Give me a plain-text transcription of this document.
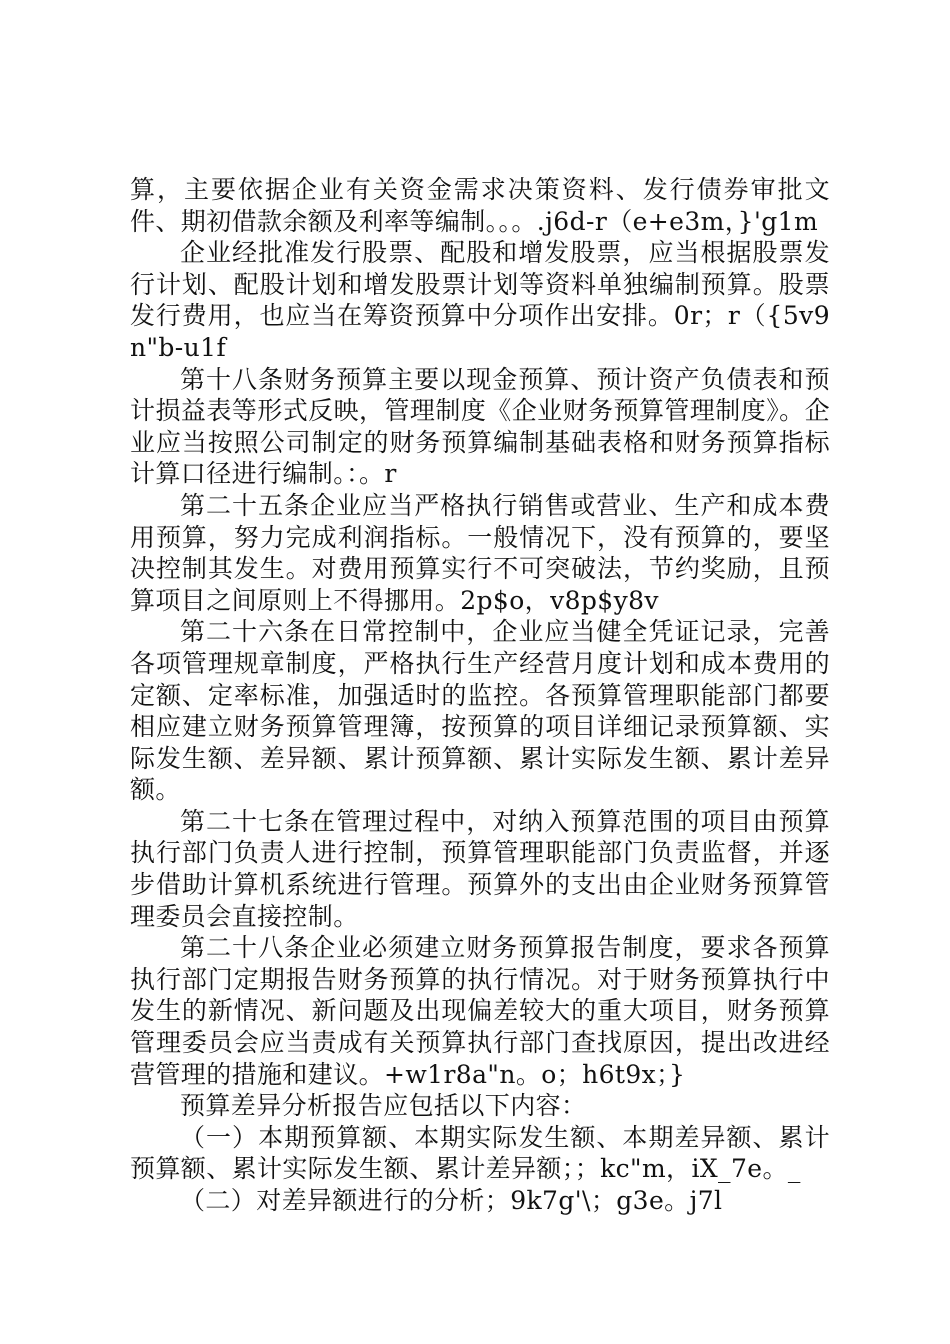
算，主要依据企业有关资金需求决策资料、发行债券审批文件、期初借款余额及利率等编制。。。.j6d-r（e+e3m，}'g1m

企业经批准发行股票、配股和增发股票，应当根据股票发行计划、配股计划和增发股票计划等资料单独编制预算。股票发行费用，也应当在筹资预算中分项作出安排。0r；r（{5v9n"b-u1f

第十八条财务预算主要以现金预算、预计资产负债表和预计损益表等形式反映，管理制度《企业财务预算管理制度》。企业应当按照公司制定的财务预算编制基础表格和财务预算指标计算口径进行编制。：。r

第二十五条企业应当严格执行销售或营业、生产和成本费用预算，努力完成利润指标。一般情况下，没有预算的，要坚决控制其发生。对费用预算实行不可突破法，节约奖励，且预算项目之间原则上不得挪用。2p$o，v8p$y8v

第二十六条在日常控制中，企业应当健全凭证记录，完善各项管理规章制度，严格执行生产经营月度计划和成本费用的定额、定率标准，加强适时的监控。各预算管理职能部门都要相应建立财务预算管理簿，按预算的项目详细记录预算额、实际发生额、差异额、累计预算额、累计实际发生额、累计差异额。

第二十七条在管理过程中，对纳入预算范围的项目由预算执行部门负责人进行控制，预算管理职能部门负责监督，并逐步借助计算机系统进行管理。预算外的支出由企业财务预算管理委员会直接控制。

第二十八条企业必须建立财务预算报告制度，要求各预算执行部门定期报告财务预算的执行情况。对于财务预算执行中发生的新情况、新问题及出现偏差较大的重大项目，财务预算管理委员会应当责成有关预算执行部门查找原因，提出改进经营管理的措施和建议。+w1r8a"n。o；h6t9x；}

预算差异分析报告应包括以下内容：

（一）本期预算额、本期实际发生额、本期差异额、累计预算额、累计实际发生额、累计差异额；；kc"m，iX_7e。_

（二）对差异额进行的分析；9k7g'\；g3e。j7l
